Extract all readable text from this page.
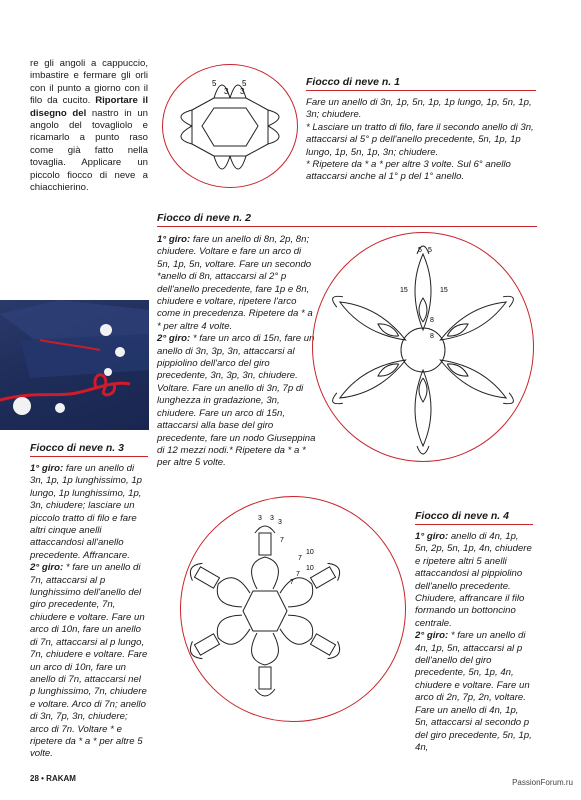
re gli angoli a cappuccio, imbastire e fermare gli orli con il punto a giorno con il filo da cucito. Riportare il disegno del nastro in un angolo del tovagliolo e ricamarlo a punto raso come già fatto nella tovaglia. Applicare un piccolo fiocco di neve a chiacchierino.
5
3 3
5	Fiocco di neve n. 1
Fare un anello di 3n, 1p, 5n, 1p, 1p lungo, 1p, 5n, 1p, 3n; chiudere.
* Lasciare un tratto di filo, fare il secondo anello di 3n, attaccarsi al 5° p dell'anello precedente, 5n, 1p, 1p lungo, 1p, 5n, 1p, 3n; chiudere.
* Ripetere da * a * per altre 3 volte. Sul 6° anello attaccarsi anche al 1° p del 1° anello.
Fiocco di neve n. 2
1° giro: fare un anello di 8n, 2p, 8n; chiudere. Voltare e fare un arco di 5n, 1p, 5n, voltare. Fare un secondo *anello di 8n, attaccarsi al 2° p dell'anello precedente, fare 1p e 8n, chiudere e voltare, ripetere l'arco come in precedenza. Ripetere da * a * per altre 4 volte.
2° giro: * fare un arco di 15n, fare un anello di 3n, 3p, 3n, attaccarsi al pippiolino dell'arco del giro precedente, 3n, 3p, 3n, chiudere. Voltare. Fare un anello di 3n, 7p di lunghezza in gradazione, 3n, chiudere. Fare un arco di 15n, attaccarsi alla base del giro precedente, fare un nodo Giuseppina di 12 mezzi nodi.* Ripetere da * a * per altre 5 volte.
15	15
8
8
5 5
Fiocco di neve n. 3
1° giro: fare un anello di 3n, 1p, 1p lunghissimo, 1p lungo, 1p lunghissimo, 1p, 3n, chiudere; lasciare un piccolo tratto di filo e fare altri cinque anelli attaccandosi all'anello precedente. Affrancare.
2° giro: * fare un anello di 7n, attaccarsi al p lunghissimo dell'anello del giro precedente, 7n, chiudere e voltare. Fare un arco di 10n, fare un anello di 7n, attaccarsi al p lungo, 7n, chiudere e voltare. Fare un arco di 10n, fare un anello di 7n, attaccarsi nel p lunghissimo, 7n, chiudere e voltare. Arco di 7n; anello di 3n, 7p, 3n, chiudere; arco di 7n. Voltare * e ripetere da * a * per altre 5 volte.
3 3
3
7
10
7
10
7
7
Fiocco di neve n. 4
1° giro: anello di 4n, 1p, 5n, 2p, 5n, 1p, 4n, chiudere e ripetere altri 5 anelli attaccandosi al pippiolino dell'anello precedente. Chiudere, affrancare il filo formando un bottoncino centrale.
2° giro: * fare un anello di 4n, 1p, 5n, attaccarsi al p dell'anello del giro precedente, 5n, 1p, 4n, chiudere e voltare. Fare un arco di 2n, 7p, 2n, voltare. Fare un anello di 4n, 1p, 5n, attaccarsi al secondo p del giro precedente, 5n, 1p, 4n,
28 • RAKAM	PassionForum.ru
